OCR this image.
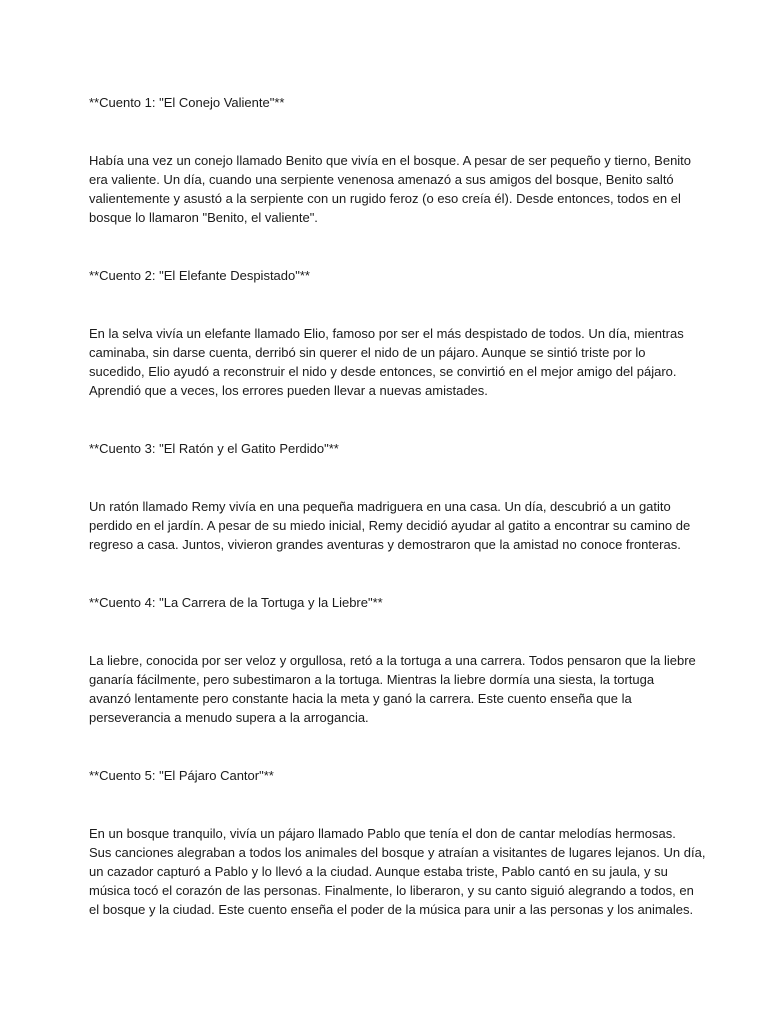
**Cuento 1: "El Conejo Valiente"**
Había una vez un conejo llamado Benito que vivía en el bosque. A pesar de ser pequeño y tierno, Benito
era valiente. Un día, cuando una serpiente venenosa amenazó a sus amigos del bosque, Benito saltó
valientemente y asustó a la serpiente con un rugido feroz (o eso creía él). Desde entonces, todos en el
bosque lo llamaron "Benito, el valiente".
**Cuento 2: "El Elefante Despistado"**
En la selva vivía un elefante llamado Elio, famoso por ser el más despistado de todos. Un día, mientras
caminaba, sin darse cuenta, derribó sin querer el nido de un pájaro. Aunque se sintió triste por lo
sucedido, Elio ayudó a reconstruir el nido y desde entonces, se convirtió en el mejor amigo del pájaro.
Aprendió que a veces, los errores pueden llevar a nuevas amistades.
**Cuento 3: "El Ratón y el Gatito Perdido"**
Un ratón llamado Remy vivía en una pequeña madriguera en una casa. Un día, descubrió a un gatito
perdido en el jardín. A pesar de su miedo inicial, Remy decidió ayudar al gatito a encontrar su camino de
regreso a casa. Juntos, vivieron grandes aventuras y demostraron que la amistad no conoce fronteras.
**Cuento 4: "La Carrera de la Tortuga y la Liebre"**
La liebre, conocida por ser veloz y orgullosa, retó a la tortuga a una carrera. Todos pensaron que la liebre
ganaría fácilmente, pero subestimaron a la tortuga. Mientras la liebre dormía una siesta, la tortuga
avanzó lentamente pero constante hacia la meta y ganó la carrera. Este cuento enseña que la
perseverancia a menudo supera a la arrogancia.
**Cuento 5: "El Pájaro Cantor"**
En un bosque tranquilo, vivía un pájaro llamado Pablo que tenía el don de cantar melodías hermosas.
Sus canciones alegraban a todos los animales del bosque y atraían a visitantes de lugares lejanos. Un día,
un cazador capturó a Pablo y lo llevó a la ciudad. Aunque estaba triste, Pablo cantó en su jaula, y su
música tocó el corazón de las personas. Finalmente, lo liberaron, y su canto siguió alegrando a todos, en
el bosque y la ciudad. Este cuento enseña el poder de la música para unir a las personas y los animales.
